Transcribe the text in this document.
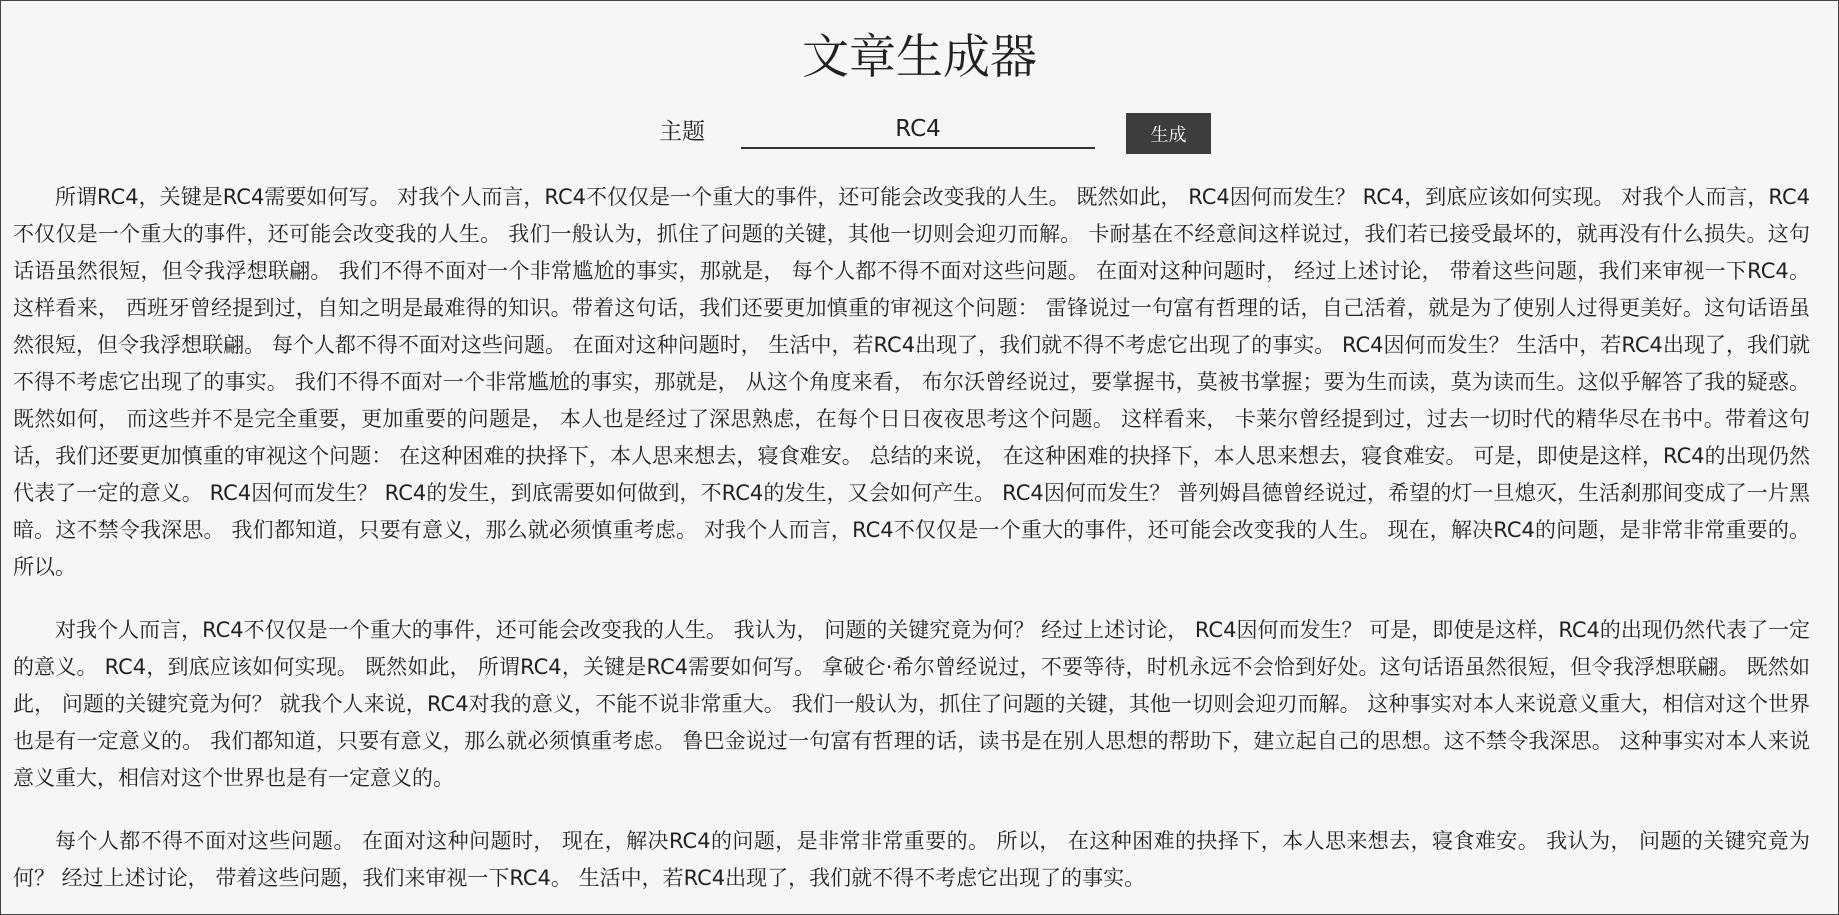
文章生成器
主题
RC4	生成

所谓RC4，关键是RC4需要如何写。 对我个人而言，RC4不仅仅是一个重大的事件，还可能会改变我的人生。 既然如此， RC4因何而发生？ RC4，到底应该如何实现。 对我个人而言，RC4不仅仅是一个重大的事件，还可能会改变我的人生。 我们一般认为，抓住了问题的关键，其他一切则会迎刃而解。 卡耐基在不经意间这样说过，我们若已接受最坏的，就再没有什么损失。这句话语虽然很短，但令我浮想联翩。 我们不得不面对一个非常尴尬的事实，那就是， 每个人都不得不面对这些问题。 在面对这种问题时， 经过上述讨论， 带着这些问题，我们来审视一下RC4。 这样看来， 西班牙曾经提到过，自知之明是最难得的知识。带着这句话，我们还要更加慎重的审视这个问题： 雷锋说过一句富有哲理的话，自己活着，就是为了使别人过得更美好。这句话语虽然很短，但令我浮想联翩。 每个人都不得不面对这些问题。 在面对这种问题时， 生活中，若RC4出现了，我们就不得不考虑它出现了的事实。 RC4因何而发生？ 生活中，若RC4出现了，我们就不得不考虑它出现了的事实。 我们不得不面对一个非常尴尬的事实，那就是， 从这个角度来看， 布尔沃曾经说过，要掌握书，莫被书掌握；要为生而读，莫为读而生。这似乎解答了我的疑惑。 既然如何， 而这些并不是完全重要，更加重要的问题是， 本人也是经过了深思熟虑，在每个日日夜夜思考这个问题。 这样看来， 卡莱尔曾经提到过，过去一切时代的精华尽在书中。带着这句话，我们还要更加慎重的审视这个问题： 在这种困难的抉择下，本人思来想去，寝食难安。 总结的来说， 在这种困难的抉择下，本人思来想去，寝食难安。 可是，即使是这样，RC4的出现仍然代表了一定的意义。 RC4因何而发生？ RC4的发生，到底需要如何做到，不RC4的发生，又会如何产生。 RC4因何而发生？ 普列姆昌德曾经说过，希望的灯一旦熄灭，生活刹那间变成了一片黑暗。这不禁令我深思。 我们都知道，只要有意义，那么就必须慎重考虑。 对我个人而言，RC4不仅仅是一个重大的事件，还可能会改变我的人生。 现在，解决RC4的问题，是非常非常重要的。 所以。

对我个人而言，RC4不仅仅是一个重大的事件，还可能会改变我的人生。 我认为， 问题的关键究竟为何？ 经过上述讨论， RC4因何而发生？ 可是，即使是这样，RC4的出现仍然代表了一定的意义。 RC4，到底应该如何实现。 既然如此， 所谓RC4，关键是RC4需要如何写。 拿破仑·希尔曾经说过，不要等待，时机永远不会恰到好处。这句话语虽然很短，但令我浮想联翩。 既然如此， 问题的关键究竟为何？ 就我个人来说，RC4对我的意义，不能不说非常重大。 我们一般认为，抓住了问题的关键，其他一切则会迎刃而解。 这种事实对本人来说意义重大，相信对这个世界也是有一定意义的。 我们都知道，只要有意义，那么就必须慎重考虑。 鲁巴金说过一句富有哲理的话，读书是在别人思想的帮助下，建立起自己的思想。这不禁令我深思。 这种事实对本人来说意义重大，相信对这个世界也是有一定意义的。

每个人都不得不面对这些问题。 在面对这种问题时， 现在，解决RC4的问题，是非常非常重要的。 所以， 在这种困难的抉择下，本人思来想去，寝食难安。 我认为， 问题的关键究竟为何？ 经过上述讨论， 带着这些问题，我们来审视一下RC4。 生活中，若RC4出现了，我们就不得不考虑它出现了的事实。
